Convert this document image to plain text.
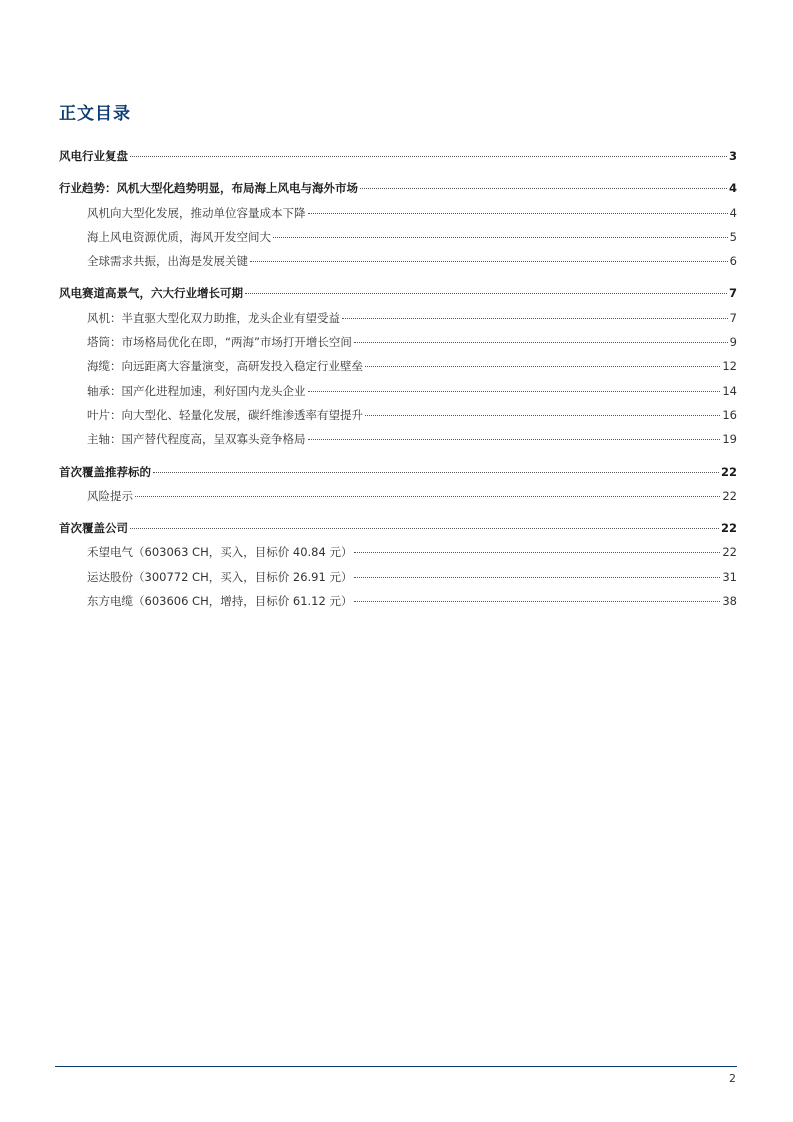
正文目录
风电行业复盘	3
行业趋势：风机大型化趋势明显，布局海上风电与海外市场	4
风机向大型化发展，推动单位容量成本下降	4
海上风电资源优质，海风开发空间大	5
全球需求共振，出海是发展关键	6
风电赛道高景气，六大行业增长可期	7
风机：半直驱大型化双力助推，龙头企业有望受益	7
塔筒：市场格局优化在即，“两海”市场打开增长空间	9
海缆：向远距离大容量演变，高研发投入稳定行业壁垒	12
轴承：国产化进程加速，利好国内龙头企业	14
叶片：向大型化、轻量化发展，碳纤维渗透率有望提升	16
主轴：国产替代程度高，呈双寡头竞争格局	19
首次覆盖推荐标的	22
风险提示	22
首次覆盖公司	22
禾望电气（603063 CH，买入，目标价 40.84 元）	22
运达股份（300772 CH，买入，目标价 26.91 元）	31
东方电缆（603606 CH，增持，目标价 61.12 元）	38
2
